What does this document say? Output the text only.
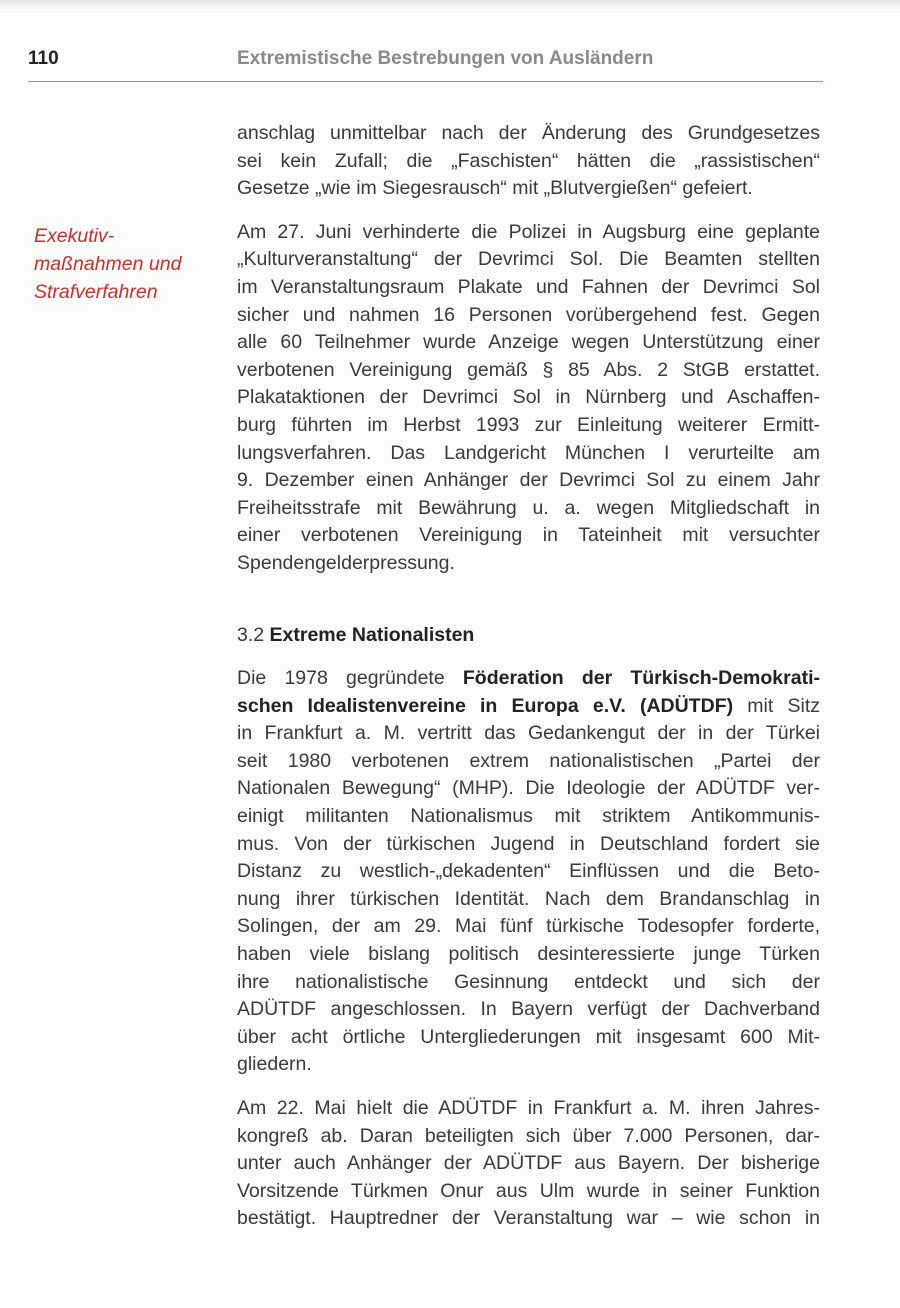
110	Extremistische Bestrebungen von Ausländern
Exekutiv-
maßnahmen und
Strafverfahren
anschlag unmittelbar nach der Änderung des Grundgesetzes
sei kein Zufall; die „Faschisten“ hätten die „rassistischen“
Gesetze „wie im Siegesrausch“ mit „Blutvergießen“ gefeiert.
Am 27. Juni verhinderte die Polizei in Augsburg eine geplante
„Kulturveranstaltung“ der Devrimci Sol. Die Beamten stellten
im Veranstaltungsraum Plakate und Fahnen der Devrimci Sol
sicher und nahmen 16 Personen vorübergehend fest. Gegen
alle 60 Teilnehmer wurde Anzeige wegen Unterstützung einer
verbotenen Vereinigung gemäß § 85 Abs. 2 StGB erstattet.
Plakataktionen der Devrimci Sol in Nürnberg und Aschaffen-
burg führten im Herbst 1993 zur Einleitung weiterer Ermitt-
lungsverfahren. Das Landgericht München I verurteilte am
9. Dezember einen Anhänger der Devrimci Sol zu einem Jahr
Freiheitsstrafe mit Bewährung u. a. wegen Mitgliedschaft in
einer verbotenen Vereinigung in Tateinheit mit versuchter
Spendengelderpressung.
3.2 Extreme Nationalisten
Die 1978 gegründete Föderation der Türkisch-Demokrati-
schen Idealistenvereine in Europa e.V. (ADÜTDF) mit Sitz
in Frankfurt a. M. vertritt das Gedankengut der in der Türkei
seit 1980 verbotenen extrem nationalistischen „Partei der
Nationalen Bewegung“ (MHP). Die Ideologie der ADÜTDF ver-
einigt militanten Nationalismus mit striktem Antikommunis-
mus. Von der türkischen Jugend in Deutschland fordert sie
Distanz zu westlich-„dekadenten“ Einflüssen und die Beto-
nung ihrer türkischen Identität. Nach dem Brandanschlag in
Solingen, der am 29. Mai fünf türkische Todesopfer forderte,
haben viele bislang politisch desinteressierte junge Türken
ihre nationalistische Gesinnung entdeckt und sich der
ADÜTDF angeschlossen. In Bayern verfügt der Dachverband
über acht örtliche Untergliederungen mit insgesamt 600 Mit-
gliedern.
Am 22. Mai hielt die ADÜTDF in Frankfurt a. M. ihren Jahres-
kongreß ab. Daran beteiligten sich über 7.000 Personen, dar-
unter auch Anhänger der ADÜTDF aus Bayern. Der bisherige
Vorsitzende Türkmen Onur aus Ulm wurde in seiner Funktion
bestätigt. Hauptredner der Veranstaltung war – wie schon in
